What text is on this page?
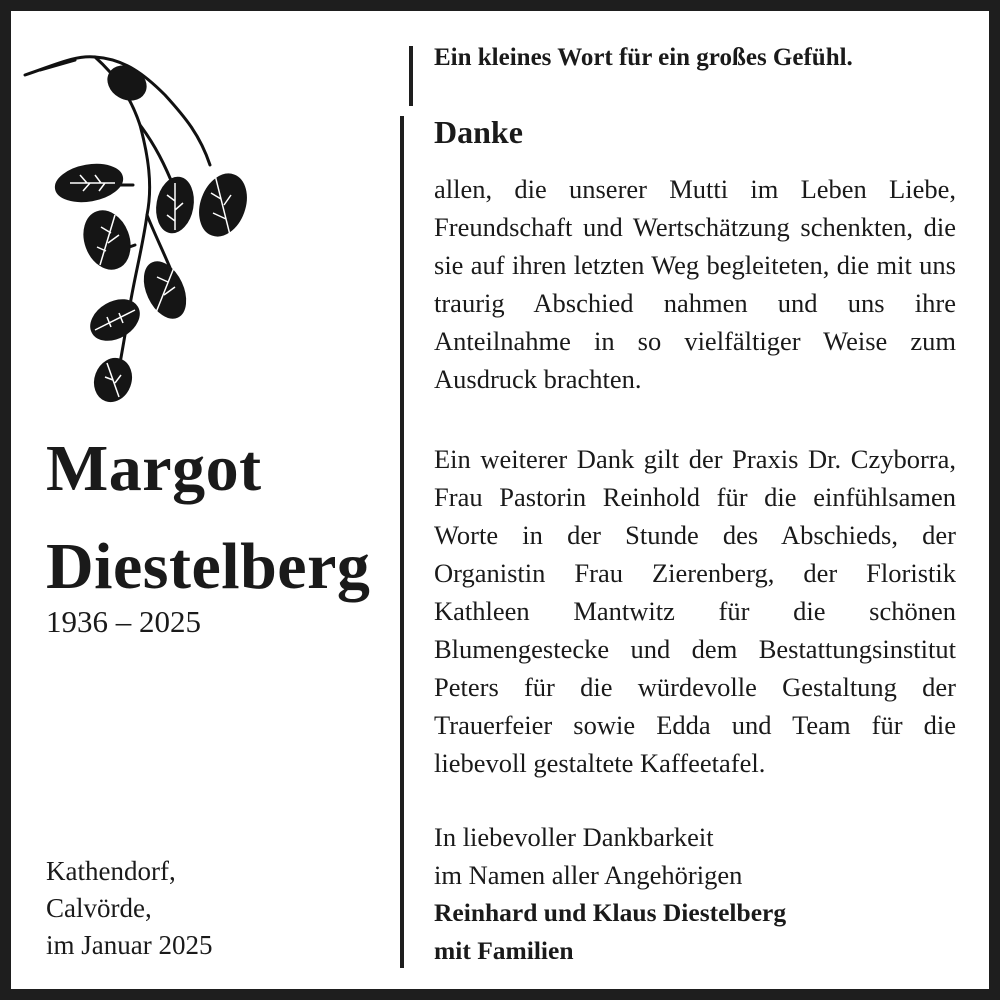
Margot
Diestelberg
1936 – 2025
Kathendorf,
Calvörde,
im Januar 2025
Ein kleines Wort für ein großes Gefühl.
Danke
allen, die unserer Mutti im Leben Liebe, Freundschaft und Wertschätzung schenkten, die sie auf ihren letzten Weg begleiteten, die mit uns traurig Abschied nahmen und uns ihre Anteilnahme in so vielfältiger Weise zum Ausdruck brachten.
Ein weiterer Dank gilt der Praxis Dr. Czyborra, Frau Pastorin Reinhold für die einfühlsamen Worte in der Stunde des Abschieds, der Organistin Frau Zierenberg, der Floristik Kathleen Mantwitz für die schönen Blumengestecke und dem Bestattungsinstitut Peters für die würdevolle Gestaltung der Trauerfeier sowie Edda und Team für die liebevoll gestaltete Kaffeetafel.
In liebevoller Dankbarkeit
im Namen aller Angehörigen
Reinhard und Klaus Diestelberg
mit Familien
